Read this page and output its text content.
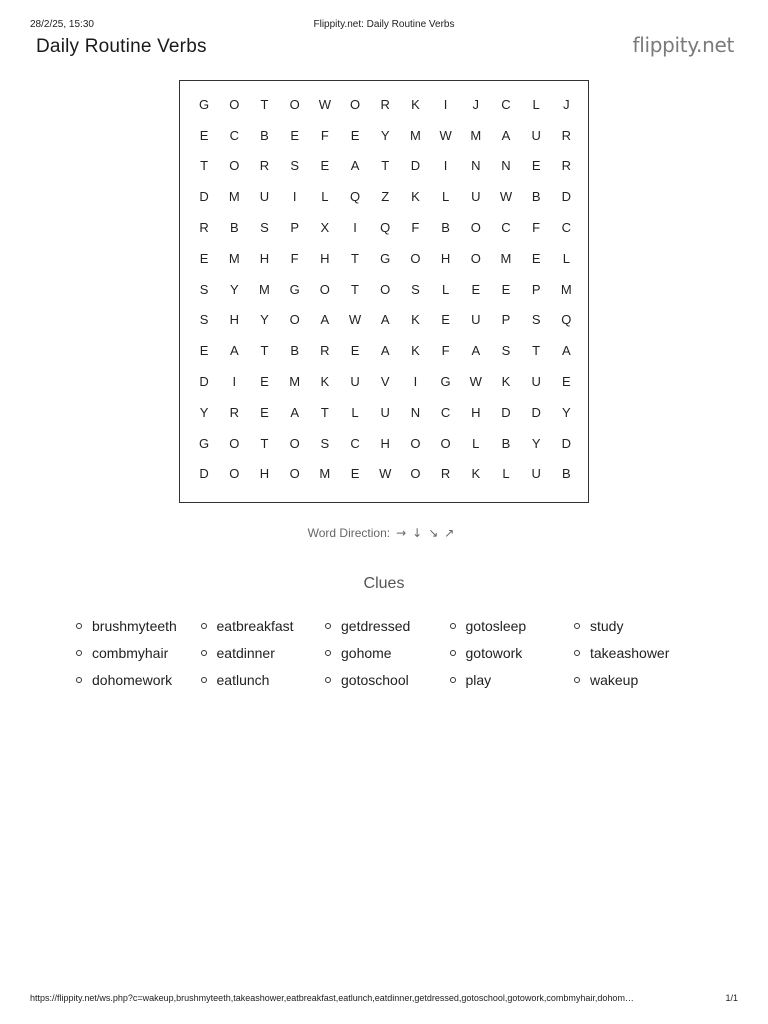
28/2/25, 15:30	Flippity.net: Daily Routine Verbs
Daily Routine Verbs	flippity.net
G	O	T	O	W	O	R	K	I	J	C	L	J
E	C	B	E	F	E	Y	M	W	M	A	U	R
T	O	R	S	E	A	T	D	I	N	N	E	R
D	M	U	I	L	Q	Z	K	L	U	W	B	D
R	B	S	P	X	I	Q	F	B	O	C	F	C
E	M	H	F	H	T	G	O	H	O	M	E	L
S	Y	M	G	O	T	O	S	L	E	E	P	M
S	H	Y	O	A	W	A	K	E	U	P	S	Q
E	A	T	B	R	E	A	K	F	A	S	T	A
D	I	E	M	K	U	V	I	G	W	K	U	E
Y	R	E	A	T	L	U	N	C	H	D	D	Y
G	O	T	O	S	C	H	O	O	L	B	Y	D
D	O	H	O	M	E	W	O	R	K	L	U	B
Word Direction: →↓↘↗
Clues
brushmyteeth
combmyhair
dohomework
eatbreakfast
eatdinner
eatlunch
getdressed
gohome
gotoschool
gotosleep
gotowork
play
study
takeashower
wakeup
https://flippity.net/ws.php?c=wakeup,brushmyteeth,takeashower,eatbreakfast,eatlunch,eatdinner,getdressed,gotoschool,gotowork,combmyhair,dohom…	1/1
